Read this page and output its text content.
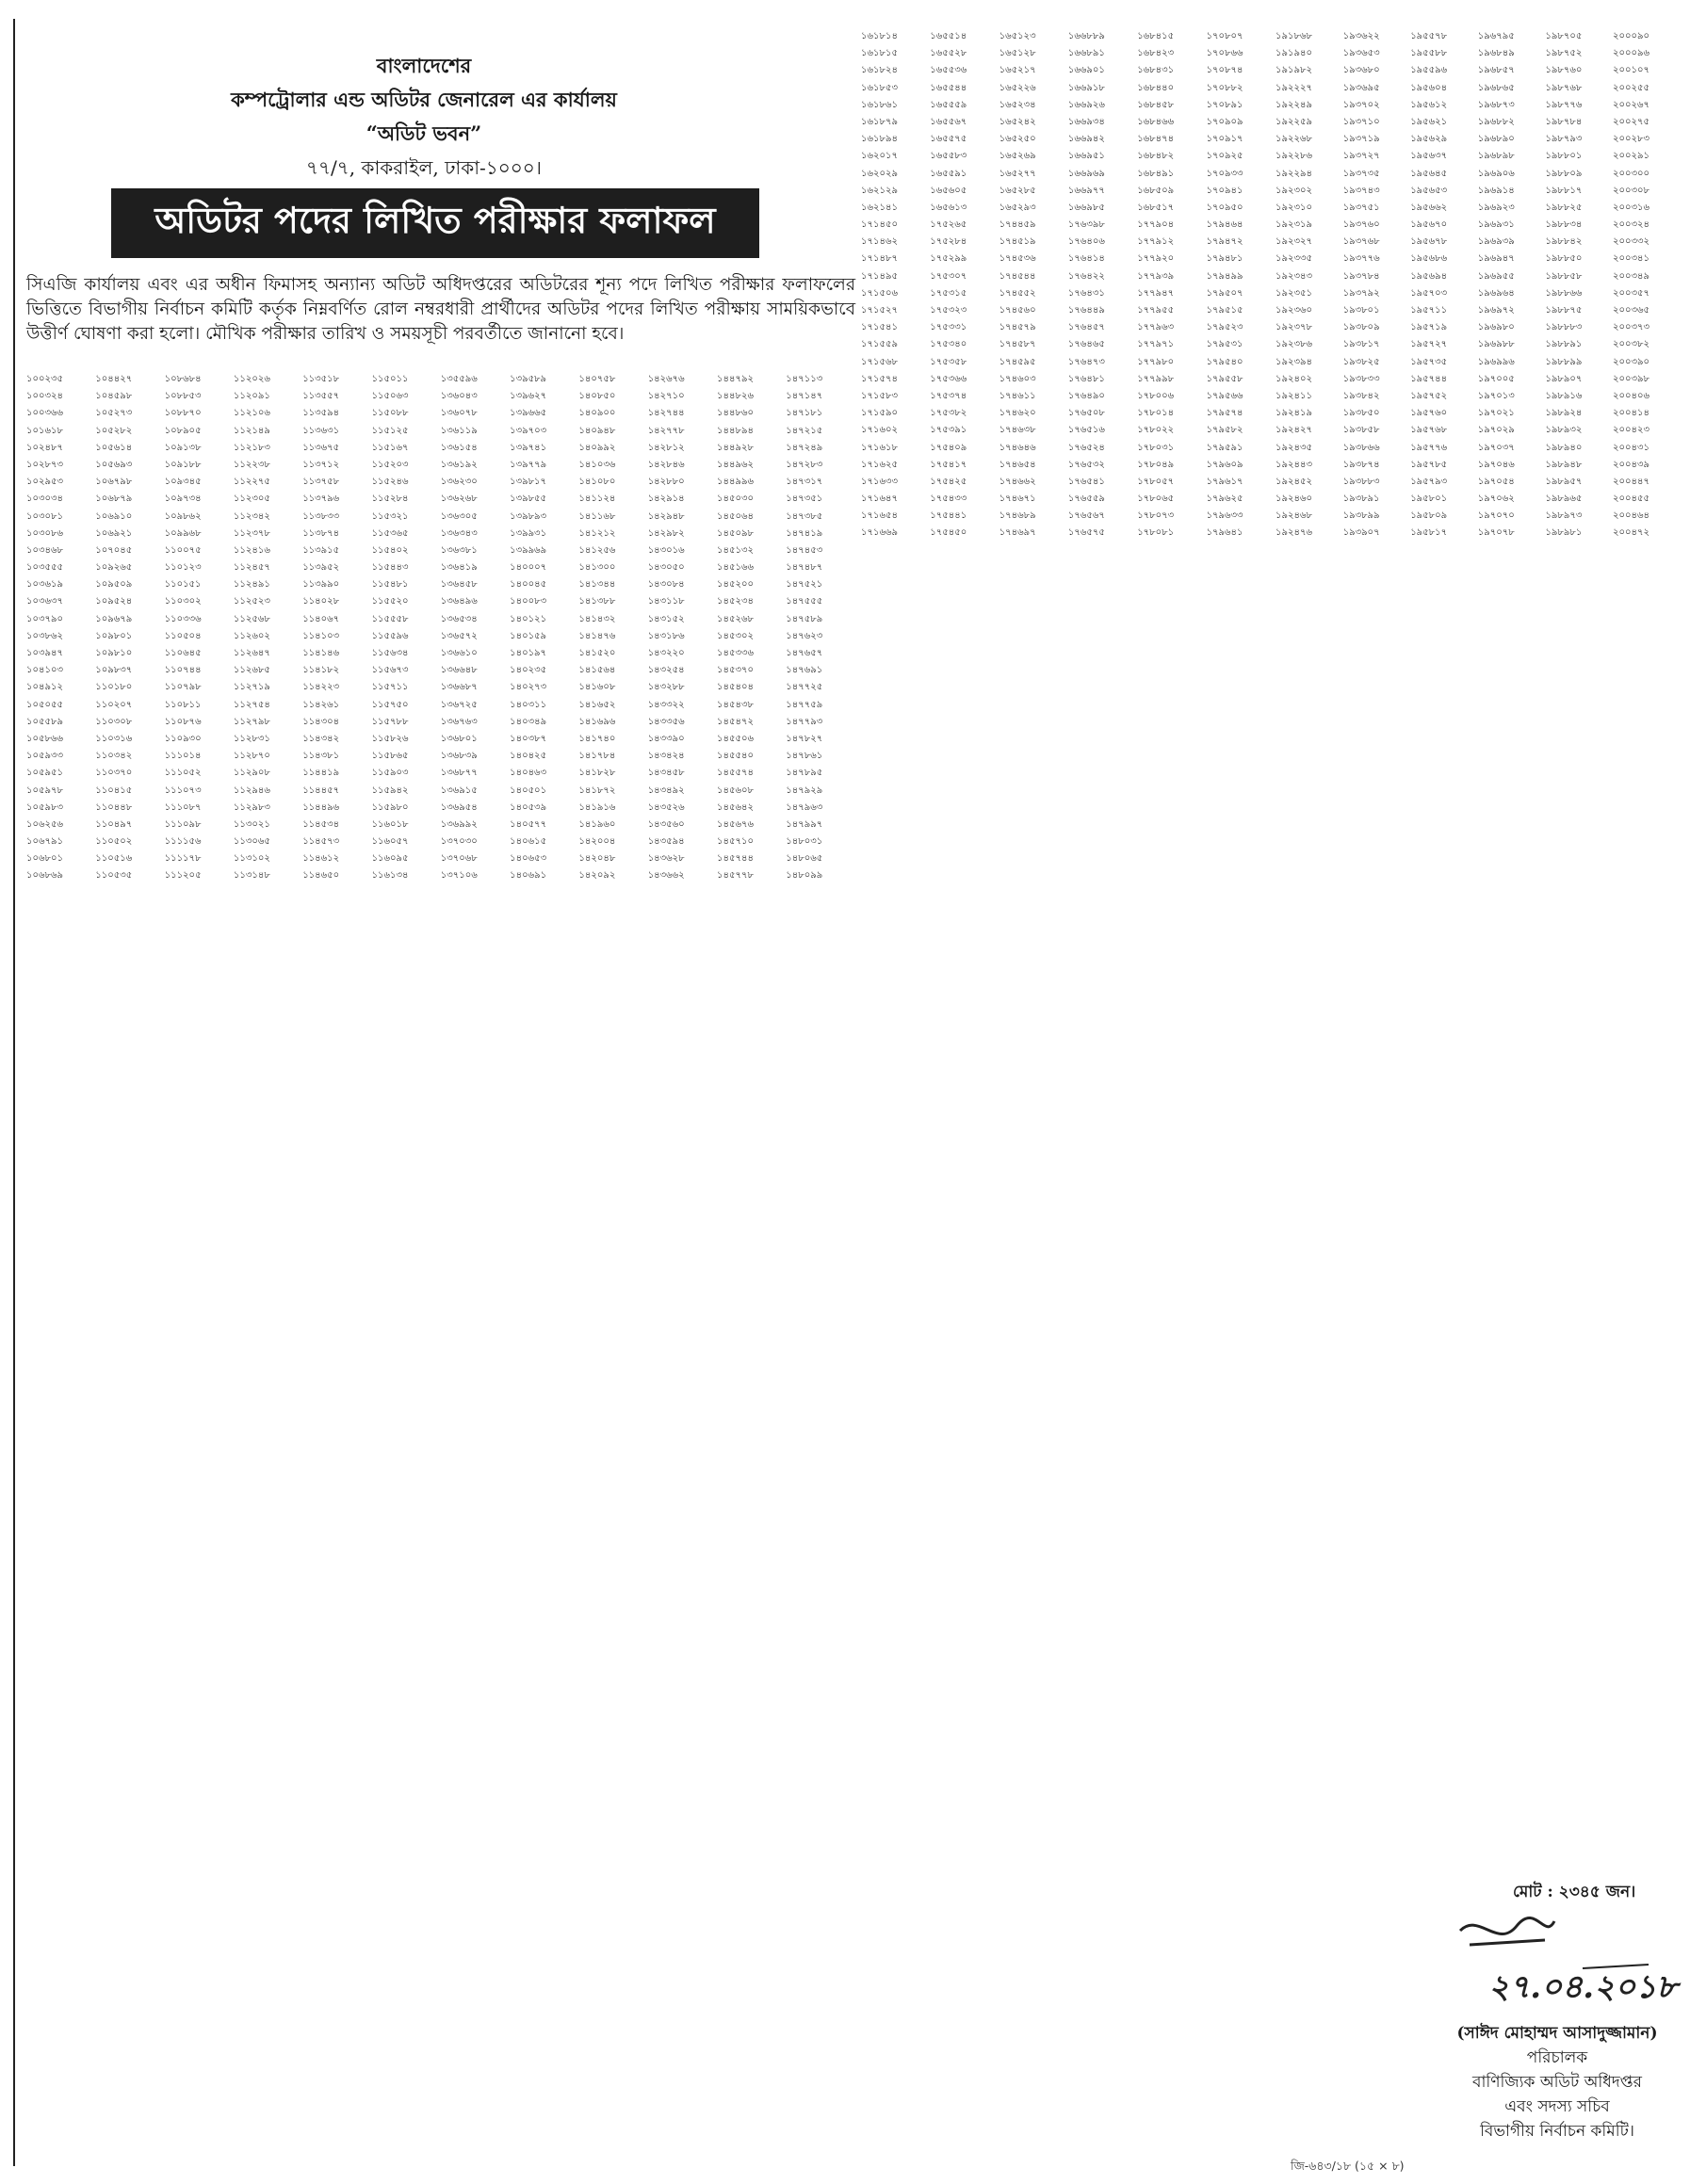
বাংলাদেশের

কম্পট্রোলার এন্ড অডিটর জেনারেল এর কার্যালয়

“অডিট ভবন”

৭৭/৭, কাকরাইল, ঢাকা-১০০০।

অডিটর পদের লিখিত পরীক্ষার ফলাফল
সিএজি কার্যালয় এবং এর অধীন ফিমাসহ অন্যান্য অডিট অধিদপ্তরের অডিটরের শূন্য পদে লিখিত পরীক্ষার ফলাফলের ভিত্তিতে বিভাগীয় নির্বাচন কমিটি কর্তৃক নিম্নবর্ণিত রোল নম্বরধারী প্রার্থীদের অডিটর পদের লিখিত পরীক্ষায় সাময়িকভাবে উত্তীর্ণ ঘোষণা করা হলো। মৌখিক পরীক্ষার তারিখ ও সময়সূচী পরবর্তীতে জানানো হবে।
১০০২৩৫
১০০৩২৪
১০০৩৬৬
১০১৬১৮
১০২৪৮৭
১০২৮৭৩
১০২৯৫৩
১০৩০৩৪
১০৩০৮১
১০৩০৮৬
১০৩৪৬৮
১০৩৫৫৫
১০৩৬১৯
১০৩৬৩৭
১০৩৭৯০
১০৩৮৬২
১০৩৯৪৭
১০৪১০৩
১০৪৯১২
১০৫০৫৫
১০৫৫৮৯
১০৫৮৬৬
১০৫৯৩৩
১০৫৯৫১
১০৫৯৭৮
১০৫৯৮৩
১০৬২৫৬
১০৬৭৯১
১০৬৮০১
১০৬৮৬৯
১০৪৪২৭
১০৪৫৯৮
১০৫২৭৩
১০৫২৮২
১০৫৬১৪
১০৫৬৯৩
১০৬৭৯৮
১০৬৮৭৯
১০৬৯১০
১০৬৯২১
১০৭০৪৫
১০৯২৬৫
১০৯৫০৯
১০৯৫২৪
১০৯৬৭৯
১০৯৮০১
১০৯৮১০
১০৯৮৩৭
১১০১৮০
১১০২০৭
১১০৩০৮
১১০৩১৬
১১০৩৪২
১১০৩৭০
১১০৪১৫
১১০৪৪৮
১১০৪৯৭
১১০৫০২
১১০৫১৬
১১০৫৩৫
১০৮৬৮৪
১০৮৮৫৩
১০৮৮৭০
১০৮৯০৫
১০৯১৩৮
১০৯১৮৮
১০৯৩৪৫
১০৯৭৩৪
১০৯৮৬২
১০৯৯৬৮
১১০০৭৫
১১০১২৩
১১০১৫১
১১০৩০২
১১০৩৩৬
১১০৫০৪
১১০৬৪৫
১১০৭৪৪
১১০৭৯৮
১১০৮১১
১১০৮৭৬
১১০৯৩০
১১১০১৪
১১১০৫২
১১১০৭৩
১১১০৮৭
১১১০৯৮
১১১১৫৬
১১১১৭৮
১১১২০৫
১১২০২৬
১১২০৯১
১১২১০৬
১১২১৪৯
১১২১৮৩
১১২২৩৮
১১২২৭৫
১১২৩০৫
১১২৩৪২
১১২৩৭৮
১১২৪১৬
১১২৪৫৭
১১২৪৯১
১১২৫২৩
১১২৫৬৮
১১২৬০২
১১২৬৪৭
১১২৬৮৫
১১২৭১৯
১১২৭৫৪
১১২৭৯৮
১১২৮৩১
১১২৮৭০
১১২৯০৮
১১২৯৪৬
১১২৯৮৩
১১৩০২১
১১৩০৬৫
১১৩১০২
১১৩১৪৮
১১৩৫১৮
১১৩৫৫৭
১১৩৫৯৪
১১৩৬৩১
১১৩৬৭৫
১১৩৭১২
১১৩৭৫৮
১১৩৭৯৬
১১৩৮৩৩
১১৩৮৭৪
১১৩৯১৫
১১৩৯৫২
১১৩৯৯০
১১৪০২৮
১১৪০৬৭
১১৪১০৩
১১৪১৪৬
১১৪১৮২
১১৪২২৩
১১৪২৬১
১১৪৩০৪
১১৪৩৪২
১১৪৩৮১
১১৪৪১৯
১১৪৪৫৭
১১৪৪৯৬
১১৪৫৩৪
১১৪৫৭৩
১১৪৬১২
১১৪৬৫০
১১৫০১১
১১৫০৬৩
১১৫০৮৮
১১৫১২৫
১১৫১৬৭
১১৫২০৩
১১৫২৪৬
১১৫২৮৪
১১৫৩২১
১১৫৩৬৫
১১৫৪০২
১১৫৪৪৩
১১৫৪৮১
১১৫৫২০
১১৫৫৫৮
১১৫৫৯৬
১১৫৬৩৪
১১৫৬৭৩
১১৫৭১১
১১৫৭৫০
১১৫৭৮৮
১১৫৮২৬
১১৫৮৬৫
১১৫৯০৩
১১৫৯৪২
১১৫৯৮০
১১৬০১৮
১১৬০৫৭
১১৬০৯৫
১১৬১৩৪
১৩৫৫৯৬
১৩৬০৪৩
১৩৬০৭৮
১৩৬১১৯
১৩৬১৫৪
১৩৬১৯২
১৩৬২৩০
১৩৬২৬৮
১৩৬৩০৫
১৩৬৩৪৩
১৩৬৩৮১
১৩৬৪১৯
১৩৬৪৫৮
১৩৬৪৯৬
১৩৬৫৩৪
১৩৬৫৭২
১৩৬৬১০
১৩৬৬৪৮
১৩৬৬৮৭
১৩৬৭২৫
১৩৬৭৬৩
১৩৬৮০১
১৩৬৮৩৯
১৩৬৮৭৭
১৩৬৯১৫
১৩৬৯৫৪
১৩৬৯৯২
১৩৭০৩০
১৩৭০৬৮
১৩৭১০৬
১৩৯৫৮৯
১৩৯৬২৭
১৩৯৬৬৫
১৩৯৭০৩
১৩৯৭৪১
১৩৯৭৭৯
১৩৯৮১৭
১৩৯৮৫৫
১৩৯৮৯৩
১৩৯৯৩১
১৩৯৯৬৯
১৪০০০৭
১৪০০৪৫
১৪০০৮৩
১৪০১২১
১৪০১৫৯
১৪০১৯৭
১৪০২৩৫
১৪০২৭৩
১৪০৩১১
১৪০৩৪৯
১৪০৩৮৭
১৪০৪২৫
১৪০৪৬৩
১৪০৫০১
১৪০৫৩৯
১৪০৫৭৭
১৪০৬১৫
১৪০৬৫৩
১৪০৬৯১
১৪০৭৫৮
১৪০৮৫০
১৪০৯০০
১৪০৯৪৮
১৪০৯৯২
১৪১০৩৬
১৪১০৮০
১৪১১২৪
১৪১১৬৮
১৪১২১২
১৪১২৫৬
১৪১৩০০
১৪১৩৪৪
১৪১৩৮৮
১৪১৪৩২
১৪১৪৭৬
১৪১৫২০
১৪১৫৬৪
১৪১৬০৮
১৪১৬৫২
১৪১৬৯৬
১৪১৭৪০
১৪১৭৮৪
১৪১৮২৮
১৪১৮৭২
১৪১৯১৬
১৪১৯৬০
১৪২০০৪
১৪২০৪৮
১৪২০৯২
১৪২৬৭৬
১৪২৭১০
১৪২৭৪৪
১৪২৭৭৮
১৪২৮১২
১৪২৮৪৬
১৪২৮৮০
১৪২৯১৪
১৪২৯৪৮
১৪২৯৮২
১৪৩০১৬
১৪৩০৫০
১৪৩০৮৪
১৪৩১১৮
১৪৩১৫২
১৪৩১৮৬
১৪৩২২০
১৪৩২৫৪
১৪৩২৮৮
১৪৩৩২২
১৪৩৩৫৬
১৪৩৩৯০
১৪৩৪২৪
১৪৩৪৫৮
১৪৩৪৯২
১৪৩৫২৬
১৪৩৫৬০
১৪৩৫৯৪
১৪৩৬২৮
১৪৩৬৬২
১৪৪৭৯২
১৪৪৮২৬
১৪৪৮৬০
১৪৪৮৯৪
১৪৪৯২৮
১৪৪৯৬২
১৪৪৯৯৬
১৪৫০৩০
১৪৫০৬৪
১৪৫০৯৮
১৪৫১৩২
১৪৫১৬৬
১৪৫২০০
১৪৫২৩৪
১৪৫২৬৮
১৪৫৩০২
১৪৫৩৩৬
১৪৫৩৭০
১৪৫৪০৪
১৪৫৪৩৮
১৪৫৪৭২
১৪৫৫০৬
১৪৫৫৪০
১৪৫৫৭৪
১৪৫৬০৮
১৪৫৬৪২
১৪৫৬৭৬
১৪৫৭১০
১৪৫৭৪৪
১৪৫৭৭৮
১৪৭১১৩
১৪৭১৪৭
১৪৭১৮১
১৪৭২১৫
১৪৭২৪৯
১৪৭২৮৩
১৪৭৩১৭
১৪৭৩৫১
১৪৭৩৮৫
১৪৭৪১৯
১৪৭৪৫৩
১৪৭৪৮৭
১৪৭৫২১
১৪৭৫৫৫
১৪৭৫৮৯
১৪৭৬২৩
১৪৭৬৫৭
১৪৭৬৯১
১৪৭৭২৫
১৪৭৭৫৯
১৪৭৭৯৩
১৪৭৮২৭
১৪৭৮৬১
১৪৭৮৯৫
১৪৭৯২৯
১৪৭৯৬৩
১৪৭৯৯৭
১৪৮০৩১
১৪৮০৬৫
১৪৮০৯৯
১৬১৮১৪
১৬১৮১৫
১৬১৮২৪
১৬১৮৫৩
১৬১৮৬১
১৬১৮৭৯
১৬১৮৯৪
১৬২০১৭
১৬২০২৯
১৬২১২৯
১৬২১৪১
১৭১৪৫০
১৭১৪৬২
১৭১৪৮৭
১৭১৪৯৫
১৭১৫০৬
১৭১৫২৭
১৭১৫৪১
১৭১৫৫৯
১৭১৫৬৮
১৭১৫৭৪
১৭১৫৮৩
১৭১৫৯০
১৭১৬০২
১৭১৬১৮
১৭১৬২৫
১৭১৬৩৩
১৭১৬৪৭
১৭১৬৫৪
১৭১৬৬৯
১৬৫৫১৪
১৬৫৫২৮
১৬৫৫৩৬
১৬৫৫৪৪
১৬৫৫৫৯
১৬৫৫৬৭
১৬৫৫৭৫
১৬৫৫৮৩
১৬৫৫৯১
১৬৫৬০৫
১৬৫৬১৩
১৭৫২৬৫
১৭৫২৮৪
১৭৫২৯৯
১৭৫৩০৭
১৭৫৩১৫
১৭৫৩২৩
১৭৫৩৩১
১৭৫৩৪০
১৭৫৩৫৮
১৭৫৩৬৬
১৭৫৩৭৪
১৭৫৩৮২
১৭৫৩৯১
১৭৫৪০৯
১৭৫৪১৭
১৭৫৪২৫
১৭৫৪৩৩
১৭৫৪৪১
১৭৫৪৫০
১৬৫১২৩
১৬৫১২৮
১৬৫২১৭
১৬৫২২৬
১৬৫২৩৪
১৬৫২৪২
১৬৫২৫০
১৬৫২৬৯
১৬৫২৭৭
১৬৫২৮৫
১৬৫২৯৩
১৭৪৪৫৯
১৭৪৫১৯
১৭৪৫৩৬
১৭৪৫৪৪
১৭৪৫৫২
১৭৪৫৬০
১৭৪৫৭৯
১৭৪৫৮৭
১৭৪৫৯৫
১৭৪৬০৩
১৭৪৬১১
১৭৪৬২০
১৭৪৬৩৮
১৭৪৬৪৬
১৭৪৬৫৪
১৭৪৬৬২
১৭৪৬৭১
১৭৪৬৮৯
১৭৪৬৯৭
১৬৬৮৮৯
১৬৬৮৯১
১৬৬৯০১
১৬৬৯১৮
১৬৬৯২৬
১৬৬৯৩৪
১৬৬৯৪২
১৬৬৯৫১
১৬৬৯৬৯
১৬৬৯৭৭
১৬৬৯৮৫
১৭৬৩৯৮
১৭৬৪০৬
১৭৬৪১৪
১৭৬৪২২
১৭৬৪৩১
১৭৬৪৪৯
১৭৬৪৫৭
১৭৬৪৬৫
১৭৬৪৭৩
১৭৬৪৮১
১৭৬৪৯০
১৭৬৫০৮
১৭৬৫১৬
১৭৬৫২৪
১৭৬৫৩২
১৭৬৫৪১
১৭৬৫৫৯
১৭৬৫৬৭
১৭৬৫৭৫
১৬৮৪১৫
১৬৮৪২৩
১৬৮৪৩১
১৬৮৪৪০
১৬৮৪৫৮
১৬৮৪৬৬
১৬৮৪৭৪
১৬৮৪৮২
১৬৮৪৯১
১৬৮৫০৯
১৬৮৫১৭
১৭৭৯০৪
১৭৭৯১২
১৭৭৯২০
১৭৭৯৩৯
১৭৭৯৪৭
১৭৭৯৫৫
১৭৭৯৬৩
১৭৭৯৭১
১৭৭৯৮০
১৭৭৯৯৮
১৭৮০০৬
১৭৮০১৪
১৭৮০২২
১৭৮০৩১
১৭৮০৪৯
১৭৮০৫৭
১৭৮০৬৫
১৭৮০৭৩
১৭৮০৮১
১৭০৮০৭
১৭০৮৬৬
১৭০৮৭৪
১৭০৮৮২
১৭০৮৯১
১৭০৯০৯
১৭০৯১৭
১৭০৯২৫
১৭০৯৩৩
১৭০৯৪১
১৭০৯৫০
১৭৯৪৬৪
১৭৯৪৭২
১৭৯৪৮১
১৭৯৪৯৯
১৭৯৫০৭
১৭৯৫১৫
১৭৯৫২৩
১৭৯৫৩১
১৭৯৫৪০
১৭৯৫৫৮
১৭৯৫৬৬
১৭৯৫৭৪
১৭৯৫৮২
১৭৯৫৯১
১৭৯৬০৯
১৭৯৬১৭
১৭৯৬২৫
১৭৯৬৩৩
১৭৯৬৪১
১৯১৮৬৮
১৯১৯৪০
১৯১৯৮২
১৯২২২৭
১৯২২৪৯
১৯২২৫৯
১৯২২৬৮
১৯২২৮৬
১৯২২৯৪
১৯২৩০২
১৯২৩১০
১৯২৩১৯
১৯২৩২৭
১৯২৩৩৫
১৯২৩৪৩
১৯২৩৫১
১৯২৩৬০
১৯২৩৭৮
১৯২৩৮৬
১৯২৩৯৪
১৯২৪০২
১৯২৪১১
১৯২৪১৯
১৯২৪২৭
১৯২৪৩৫
১৯২৪৪৩
১৯২৪৫২
১৯২৪৬০
১৯২৪৬৮
১৯২৪৭৬
১৯৩৬২২
১৯৩৬৫৩
১৯৩৬৮০
১৯৩৬৯৫
১৯৩৭০২
১৯৩৭১০
১৯৩৭১৯
১৯৩৭২৭
১৯৩৭৩৫
১৯৩৭৪৩
১৯৩৭৫১
১৯৩৭৬০
১৯৩৭৬৮
১৯৩৭৭৬
১৯৩৭৮৪
১৯৩৭৯২
১৯৩৮০১
১৯৩৮০৯
১৯৩৮১৭
১৯৩৮২৫
১৯৩৮৩৩
১৯৩৮৪২
১৯৩৮৫০
১৯৩৮৫৮
১৯৩৮৬৬
১৯৩৮৭৪
১৯৩৮৮৩
১৯৩৮৯১
১৯৩৮৯৯
১৯৩৯০৭
১৯৫৫৭৮
১৯৫৫৮৮
১৯৫৫৯৬
১৯৫৬০৪
১৯৫৬১২
১৯৫৬২১
১৯৫৬২৯
১৯৫৬৩৭
১৯৫৬৪৫
১৯৫৬৫৩
১৯৫৬৬২
১৯৫৬৭০
১৯৫৬৭৮
১৯৫৬৮৬
১৯৫৬৯৪
১৯৫৭০৩
১৯৫৭১১
১৯৫৭১৯
১৯৫৭২৭
১৯৫৭৩৫
১৯৫৭৪৪
১৯৫৭৫২
১৯৫৭৬০
১৯৫৭৬৮
১৯৫৭৭৬
১৯৫৭৮৫
১৯৫৭৯৩
১৯৫৮০১
১৯৫৮০৯
১৯৫৮১৭
১৯৬৭৯৫
১৯৬৮৪৯
১৯৬৮৫৭
১৯৬৮৬৫
১৯৬৮৭৩
১৯৬৮৮২
১৯৬৮৯০
১৯৬৮৯৮
১৯৬৯০৬
১৯৬৯১৪
১৯৬৯২৩
১৯৬৯৩১
১৯৬৯৩৯
১৯৬৯৪৭
১৯৬৯৫৫
১৯৬৯৬৪
১৯৬৯৭২
১৯৬৯৮০
১৯৬৯৮৮
১৯৬৯৯৬
১৯৭০০৫
১৯৭০১৩
১৯৭০২১
১৯৭০২৯
১৯৭০৩৭
১৯৭০৪৬
১৯৭০৫৪
১৯৭০৬২
১৯৭০৭০
১৯৭০৭৮
১৯৮৭০৫
১৯৮৭৫২
১৯৮৭৬০
১৯৮৭৬৮
১৯৮৭৭৬
১৯৮৭৮৪
১৯৮৭৯৩
১৯৮৮০১
১৯৮৮০৯
১৯৮৮১৭
১৯৮৮২৫
১৯৮৮৩৪
১৯৮৮৪২
১৯৮৮৫০
১৯৮৮৫৮
১৯৮৮৬৬
১৯৮৮৭৫
১৯৮৮৮৩
১৯৮৮৯১
১৯৮৮৯৯
১৯৮৯০৭
১৯৮৯১৬
১৯৮৯২৪
১৯৮৯৩২
১৯৮৯৪০
১৯৮৯৪৮
১৯৮৯৫৭
১৯৮৯৬৫
১৯৮৯৭৩
১৯৮৯৮১
২০০০৯০
২০০০৯৬
২০০১০৭
২০০২৫৫
২০০২৬৭
২০০২৭৫
২০০২৮৩
২০০২৯১
২০০৩০০
২০০৩০৮
২০০৩১৬
২০০৩২৪
২০০৩৩২
২০০৩৪১
২০০৩৪৯
২০০৩৫৭
২০০৩৬৫
২০০৩৭৩
২০০৩৮২
২০০৩৯০
২০০৩৯৮
২০০৪০৬
২০০৪১৪
২০০৪২৩
২০০৪৩১
২০০৪৩৯
২০০৪৪৭
২০০৪৫৫
২০০৪৬৪
২০০৪৭২
মোট : ২৩৪৫ জন।
২৭.০৪.২০১৮
(সাঈদ মোহাম্মদ আসাদুজ্জামান)
পরিচালক
বাণিজ্যিক অডিট অধিদপ্তর
এবং সদস্য সচিব
বিভাগীয় নির্বাচন কমিটি।
জি-৬৪৩/১৮ (১৫ × ৮)
